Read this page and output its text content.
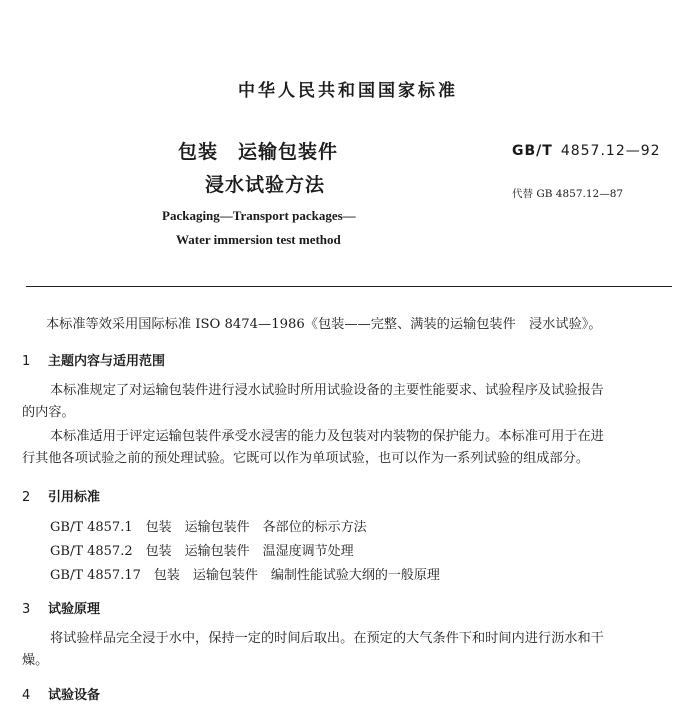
中华人民共和国国家标准
包装　运输包装件
浸水试验方法
GB/T 4857.12—92
代替 GB 4857.12—87
Packaging—Transport packages—
Water immersion test method
本标准等效采用国际标准 ISO 8474—1986《包装——完整、满装的运输包装件　浸水试验》。
1 主题内容与适用范围
本标准规定了对运输包装件进行浸水试验时所用试验设备的主要性能要求、试验程序及试验报告
的内容。
本标准适用于评定运输包装件承受水浸害的能力及包装对内装物的保护能力。本标准可用于在进
行其他各项试验之前的预处理试验。它既可以作为单项试验，也可以作为一系列试验的组成部分。
2 引用标准
GB/T 4857.1　包装　运输包装件　各部位的标示方法
GB/T 4857.2　包装　运输包装件　温湿度调节处理
GB/T 4857.17　包装　运输包装件　编制性能试验大纲的一般原理
3 试验原理
将试验样品完全浸于水中，保持一定的时间后取出。在预定的大气条件下和时间内进行沥水和干
燥。
4 试验设备
